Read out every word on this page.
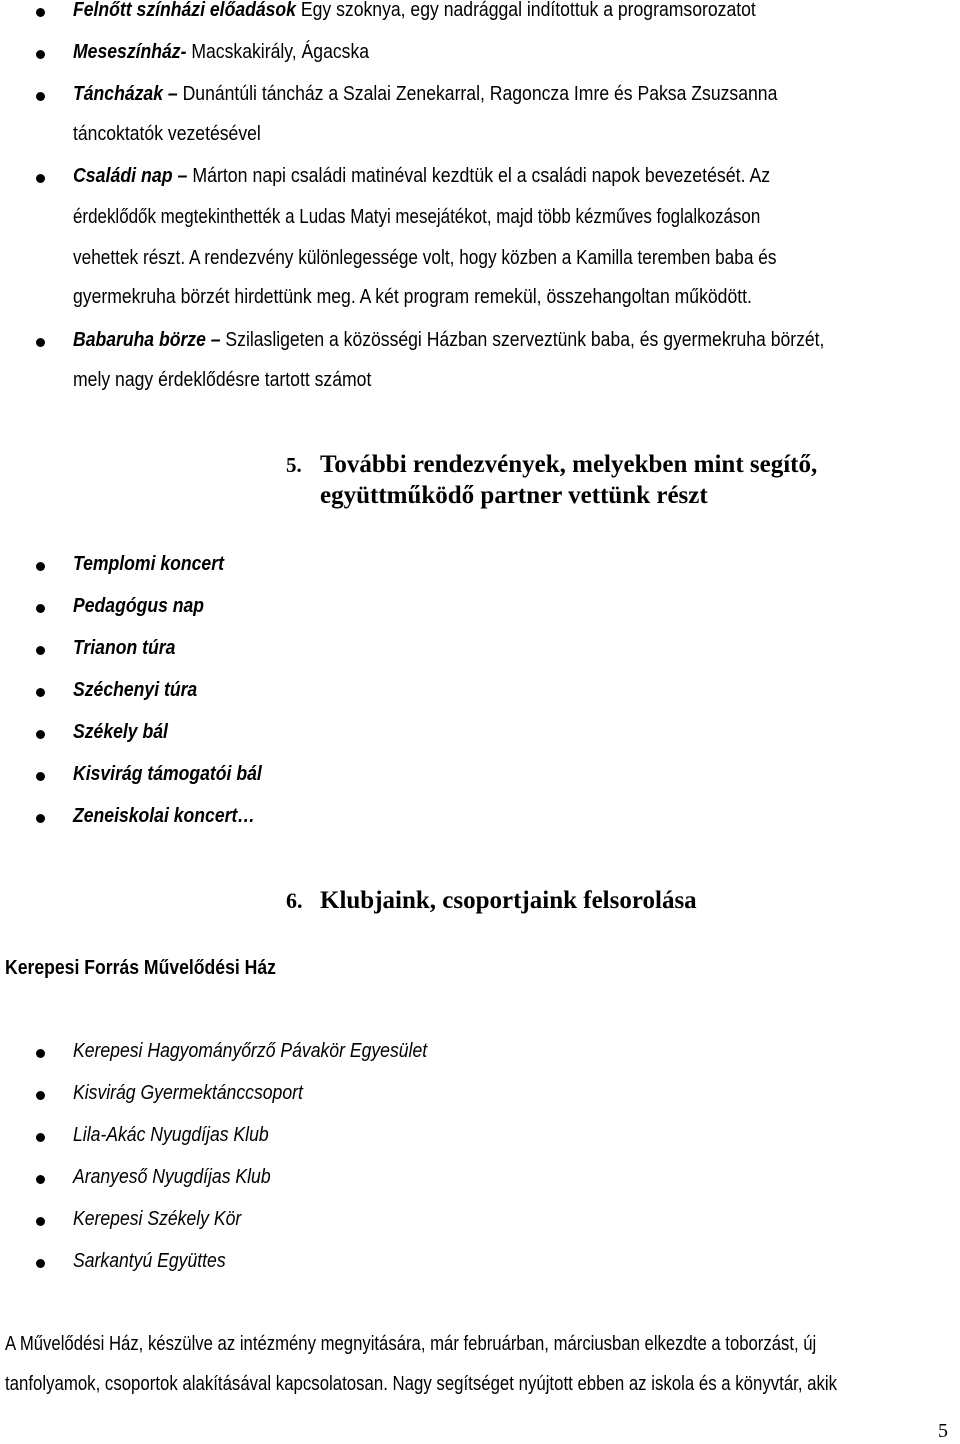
Felnőtt színházi előadások Egy szoknya, egy nadrággal indítottuk a programsorozatot
Meseszínház- Macskakirály, Ágacska
Táncházak – Dunántúli táncház a Szalai Zenekarral, Ragoncza Imre és Paksa Zsuzsanna
táncoktatók vezetésével
Családi nap – Márton napi családi matinéval kezdtük el a családi napok bevezetését. Az
érdeklődők megtekinthették a Ludas Matyi mesejátékot, majd több kézműves foglalkozáson
vehettek részt. A rendezvény különlegessége volt, hogy közben a Kamilla teremben baba és
gyermekruha börzét hirdettünk meg. A két program remekül, összehangoltan működött.
Babaruha börze – Szilasligeten a közösségi Házban szerveztünk baba, és gyermekruha börzét,
mely nagy érdeklődésre tartott számot
5. További rendezvények, melyekben mint segítő,
együttműködő partner vettünk részt
Templomi koncert
Pedagógus nap
Trianon túra
Széchenyi túra
Székely bál
Kisvirág támogatói bál
Zeneiskolai koncert…
6. Klubjaink, csoportjaink felsorolása
Kerepesi Forrás Művelődési Ház
Kerepesi Hagyományőrző Pávakör Egyesület
Kisvirág Gyermektánccsoport
Lila-Akác Nyugdíjas Klub
Aranyeső Nyugdíjas Klub
Kerepesi Székely Kör
Sarkantyú Együttes
A Művelődési Ház, készülve az intézmény megnyitására, már februárban, márciusban elkezdte a toborzást, új
tanfolyamok, csoportok alakításával kapcsolatosan. Nagy segítséget nyújtott ebben az iskola és a könyvtár, akik
5
